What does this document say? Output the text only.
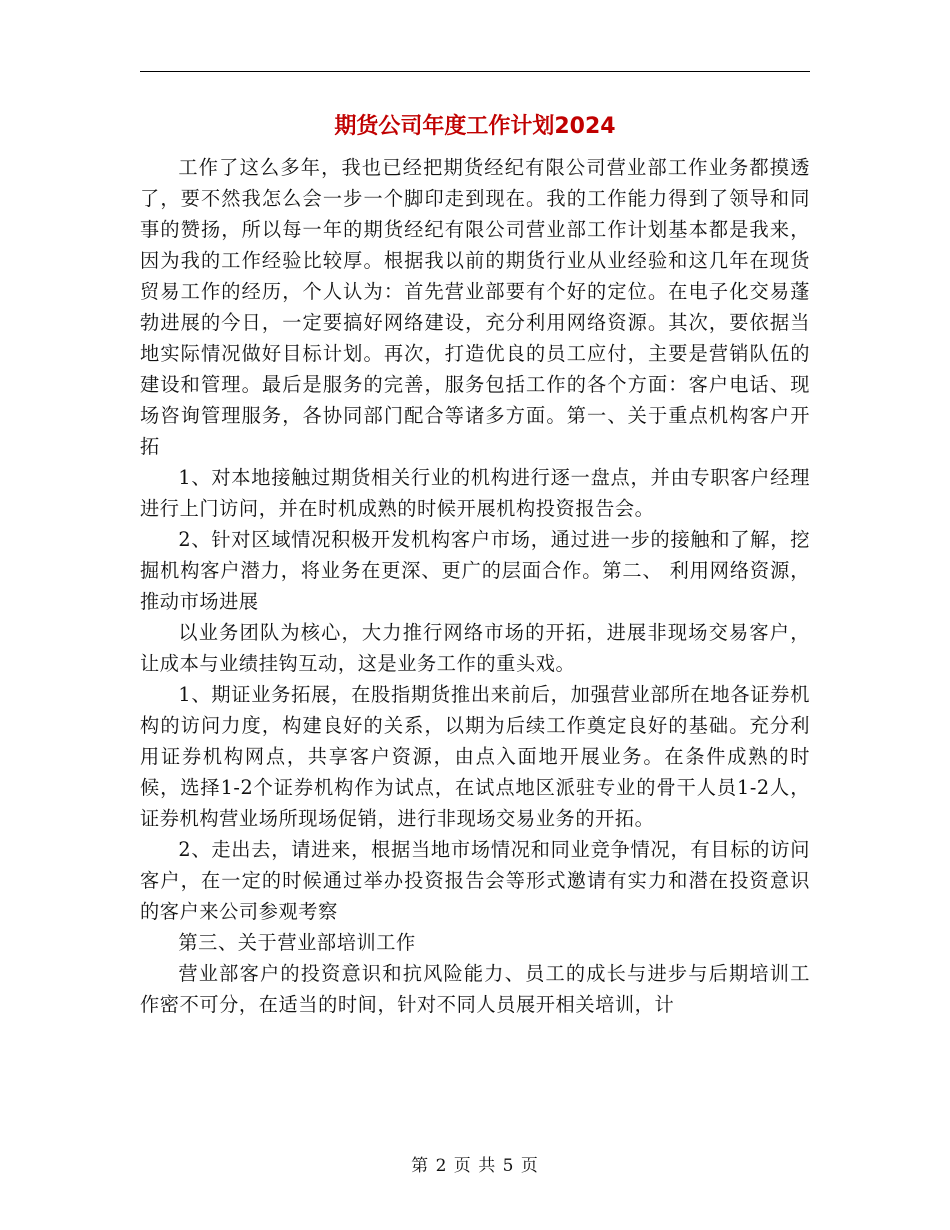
期货公司年度工作计划2024

工作了这么多年，我也已经把期货经纪有限公司营业部工作业务都摸透了，要不然我怎么会一步一个脚印走到现在。我的工作能力得到了领导和同事的赞扬，所以每一年的期货经纪有限公司营业部工作计划基本都是我来，因为我的工作经验比较厚。根据我以前的期货行业从业经验和这几年在现货贸易工作的经历，个人认为：首先营业部要有个好的定位。在电子化交易蓬勃进展的今日，一定要搞好网络建设，充分利用网络资源。其次，要依据当地实际情况做好目标计划。再次，打造优良的员工应付，主要是营销队伍的建设和管理。最后是服务的完善，服务包括工作的各个方面：客户电话、现场咨询管理服务，各协同部门配合等诸多方面。第一、关于重点机构客户开拓

1、对本地接触过期货相关行业的机构进行逐一盘点，并由专职客户经理进行上门访问，并在时机成熟的时候开展机构投资报告会。

2、针对区域情况积极开发机构客户市场，通过进一步的接触和了解，挖掘机构客户潜力，将业务在更深、更广的层面合作。第二、 利用网络资源，推动市场进展

以业务团队为核心，大力推行网络市场的开拓，进展非现场交易客户，让成本与业绩挂钩互动，这是业务工作的重头戏。

1、期证业务拓展，在股指期货推出来前后，加强营业部所在地各证券机构的访问力度，构建良好的关系，以期为后续工作奠定良好的基础。充分利用证券机构网点，共享客户资源，由点入面地开展业务。在条件成熟的时候，选择1-2个证券机构作为试点，在试点地区派驻专业的骨干人员1-2人，证券机构营业场所现场促销，进行非现场交易业务的开拓。

2、走出去，请进来，根据当地市场情况和同业竞争情况，有目标的访问客户，在一定的时候通过举办投资报告会等形式邀请有实力和潜在投资意识的客户来公司参观考察

第三、关于营业部培训工作

营业部客户的投资意识和抗风险能力、员工的成长与进步与后期培训工作密不可分，在适当的时间，针对不同人员展开相关培训，计

第 2 页 共 5 页
